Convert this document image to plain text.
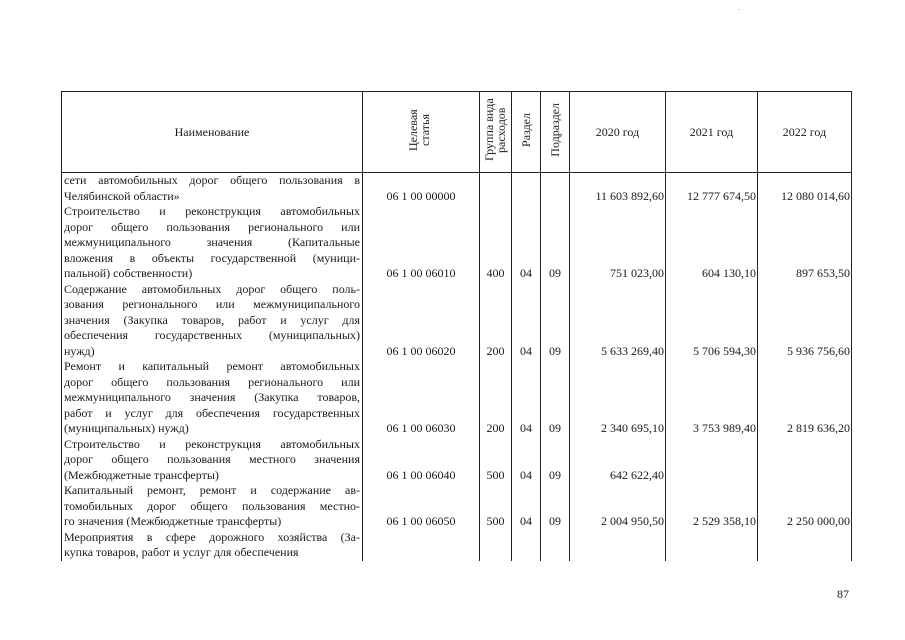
Наименование	Целевая статья	Группа вида расходов	Раздел	Подраздел	2020 год	2021 год	2022 год

сети автомобильных дорог общего пользования в
Челябинской области»	06 1 00 00000				11 603 892,60	12 777 674,50	12 080 014,60

Строительство и реконструкция автомобильных
дорог общего пользования регионального или
межмуниципального значения (Капитальные
вложения в объекты государственной (муници-
пальной) собственности)	06 1 00 06010	400	04	09	751 023,00	604 130,10	897 653,50

Содержание автомобильных дорог общего поль-
зования регионального или межмуниципального
значения (Закупка товаров, работ и услуг для
обеспечения государственных (муниципальных)
нужд)	06 1 00 06020	200	04	09	5 633 269,40	5 706 594,30	5 936 756,60

Ремонт и капитальный ремонт автомобильных
дорог общего пользования регионального или
межмуниципального значения (Закупка товаров,
работ и услуг для обеспечения государственных
(муниципальных) нужд)	06 1 00 06030	200	04	09	2 340 695,10	3 753 989,40	2 819 636,20

Строительство и реконструкция автомобильных
дорог общего пользования местного значения
(Межбюджетные трансферты)	06 1 00 06040	500	04	09	642 622,40		

Капитальный ремонт, ремонт и содержание ав-
томобильных дорог общего пользования местно-
го значения (Межбюджетные трансферты)	06 1 00 06050	500	04	09	2 004 950,50	2 529 358,10	2 250 000,00

Мероприятия в сфере дорожного хозяйства (За-
купка товаров, работ и услуг для обеспечения							

87
